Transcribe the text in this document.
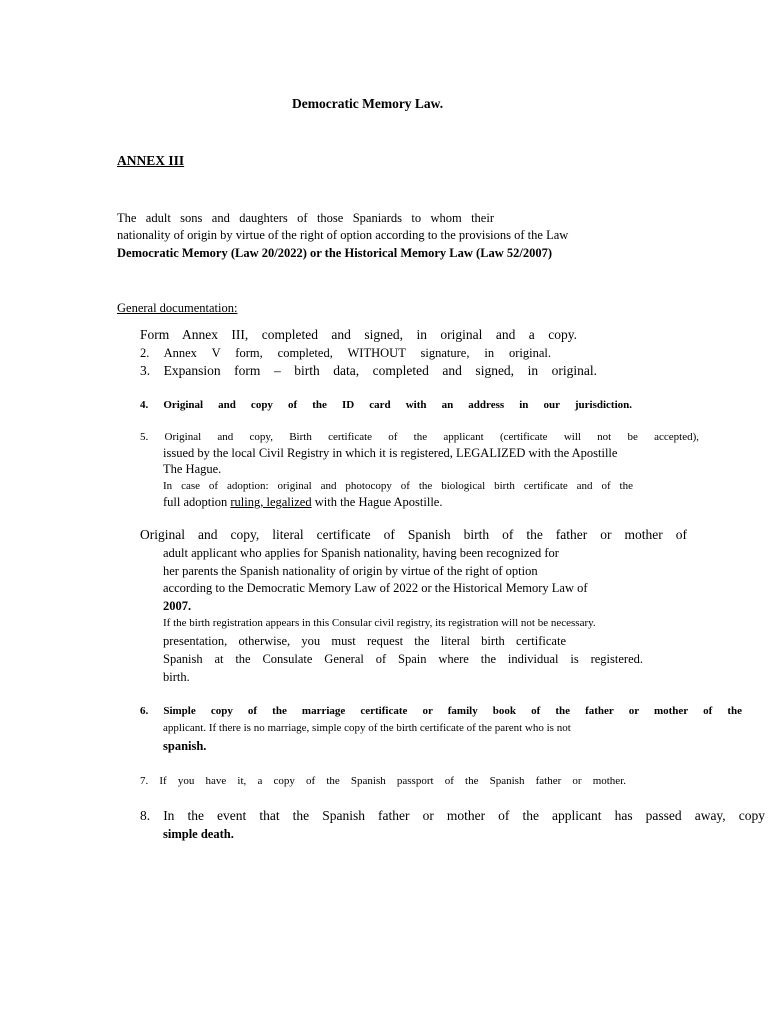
Democratic Memory Law.
ANNEX III
The adult sons and daughters of those Spaniards to whom their
nationality of origin by virtue of the right of option according to the provisions of the Law
Democratic Memory (Law 20/2022) or the Historical Memory Law (Law 52/2007)
General documentation:
Form Annex III, completed and signed, in original and a copy.
2. Annex V form, completed, WITHOUT signature, in original.
3. Expansion form – birth data, completed and signed, in original.
4. Original and copy of the ID card with an address in our jurisdiction.
5. Original and copy, Birth certificate of the applicant (certificate will not be accepted),
issued by the local Civil Registry in which it is registered, LEGALIZED with the Apostille
The Hague.
In case of adoption: original and photocopy of the biological birth certificate and of the
full adoption ruling, legalized with the Hague Apostille.
Original and copy, literal certificate of Spanish birth of the father or mother of
adult applicant who applies for Spanish nationality, having been recognized for
her parents the Spanish nationality of origin by virtue of the right of option
according to the Democratic Memory Law of 2022 or the Historical Memory Law of
2007.
If the birth registration appears in this Consular civil registry, its registration will not be necessary.
presentation, otherwise, you must request the literal birth certificate
Spanish at the Consulate General of Spain where the individual is registered.
birth.
6. Simple copy of the marriage certificate or family book of the father or mother of the
applicant. If there is no marriage, simple copy of the birth certificate of the parent who is not
spanish.
7. If you have it, a copy of the Spanish passport of the Spanish father or mother.
8. In the event that the Spanish father or mother of the applicant has passed away, copy
simple death.
